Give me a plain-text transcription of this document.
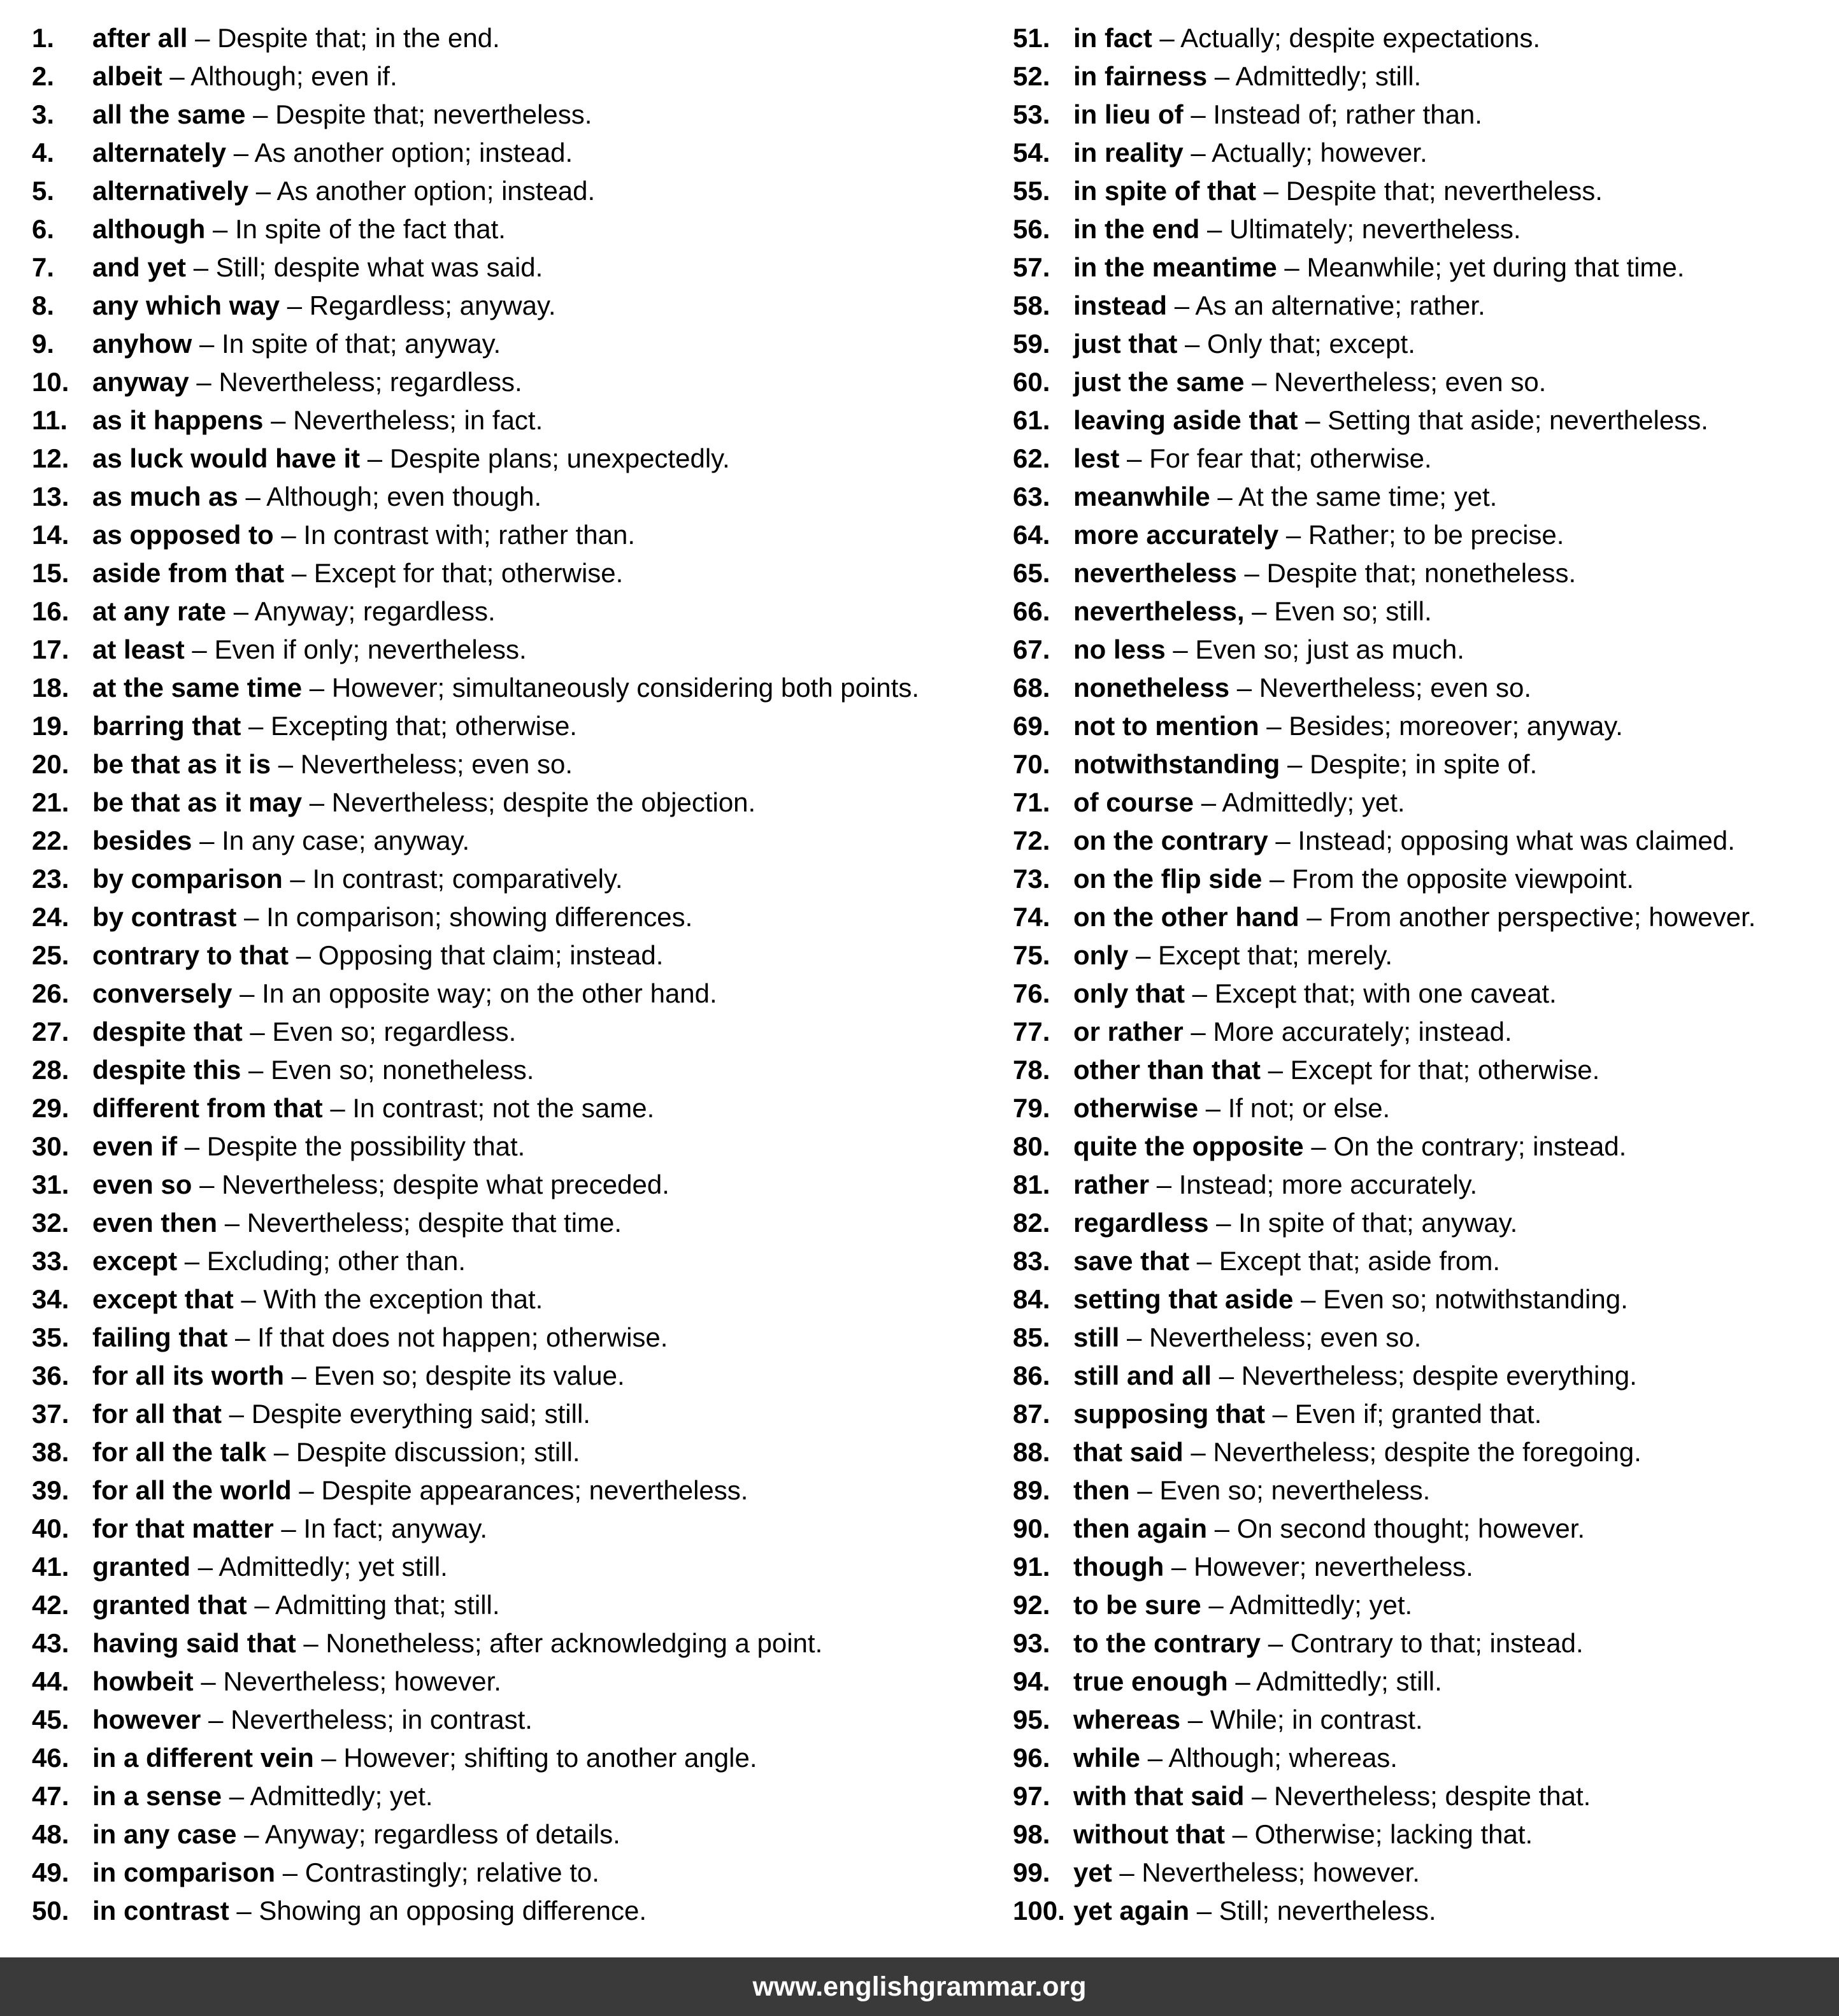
1.	after all – Despite that; in the end.
2.	albeit – Although; even if.
3.	all the same – Despite that; nevertheless.
4.	alternately – As another option; instead.
5.	alternatively – As another option; instead.
6.	although – In spite of the fact that.
7.	and yet – Still; despite what was said.
8.	any which way – Regardless; anyway.
9.	anyhow – In spite of that; anyway.
10. anyway – Nevertheless; regardless.
11. as it happens – Nevertheless; in fact.
12. as luck would have it – Despite plans; unexpectedly.
13. as much as – Although; even though.
14. as opposed to – In contrast with; rather than.
15. aside from that – Except for that; otherwise.
16. at any rate – Anyway; regardless.
17. at least – Even if only; nevertheless.
18. at the same time – However; simultaneously considering both points.
19. barring that – Excepting that; otherwise.
20. be that as it is – Nevertheless; even so.
21. be that as it may – Nevertheless; despite the objection.
22. besides – In any case; anyway.
23. by comparison – In contrast; comparatively.
24. by contrast – In comparison; showing differences.
25. contrary to that – Opposing that claim; instead.
26. conversely – In an opposite way; on the other hand.
27. despite that – Even so; regardless.
28. despite this – Even so; nonetheless.
29. different from that – In contrast; not the same.
30. even if – Despite the possibility that.
31. even so – Nevertheless; despite what preceded.
32. even then – Nevertheless; despite that time.
33. except – Excluding; other than.
34. except that – With the exception that.
35. failing that – If that does not happen; otherwise.
36. for all its worth – Even so; despite its value.
37. for all that – Despite everything said; still.
38. for all the talk – Despite discussion; still.
39. for all the world – Despite appearances; nevertheless.
40. for that matter – In fact; anyway.
41. granted – Admittedly; yet still.
42. granted that – Admitting that; still.
43. having said that – Nonetheless; after acknowledging a point.
44. howbeit – Nevertheless; however.
45. however – Nevertheless; in contrast.
46. in a different vein – However; shifting to another angle.
47. in a sense – Admittedly; yet.
48. in any case – Anyway; regardless of details.
49. in comparison – Contrastingly; relative to.
50. in contrast – Showing an opposing difference.
51. in fact – Actually; despite expectations.
52. in fairness – Admittedly; still.
53. in lieu of – Instead of; rather than.
54. in reality – Actually; however.
55. in spite of that – Despite that; nevertheless.
56. in the end – Ultimately; nevertheless.
57. in the meantime – Meanwhile; yet during that time.
58. instead – As an alternative; rather.
59. just that – Only that; except.
60. just the same – Nevertheless; even so.
61. leaving aside that – Setting that aside; nevertheless.
62. lest – For fear that; otherwise.
63. meanwhile – At the same time; yet.
64. more accurately – Rather; to be precise.
65. nevertheless – Despite that; nonetheless.
66. nevertheless, – Even so; still.
67. no less – Even so; just as much.
68. nonetheless – Nevertheless; even so.
69. not to mention – Besides; moreover; anyway.
70. notwithstanding – Despite; in spite of.
71. of course – Admittedly; yet.
72. on the contrary – Instead; opposing what was claimed.
73. on the flip side – From the opposite viewpoint.
74. on the other hand – From another perspective; however.
75. only – Except that; merely.
76. only that – Except that; with one caveat.
77. or rather – More accurately; instead.
78. other than that – Except for that; otherwise.
79. otherwise – If not; or else.
80. quite the opposite – On the contrary; instead.
81. rather – Instead; more accurately.
82. regardless – In spite of that; anyway.
83. save that – Except that; aside from.
84. setting that aside – Even so; notwithstanding.
85. still – Nevertheless; even so.
86. still and all – Nevertheless; despite everything.
87. supposing that – Even if; granted that.
88. that said – Nevertheless; despite the foregoing.
89. then – Even so; nevertheless.
90. then again – On second thought; however.
91. though – However; nevertheless.
92. to be sure – Admittedly; yet.
93. to the contrary – Contrary to that; instead.
94. true enough – Admittedly; still.
95. whereas – While; in contrast.
96. while – Although; whereas.
97. with that said – Nevertheless; despite that.
98. without that – Otherwise; lacking that.
99. yet – Nevertheless; however.
100. yet again – Still; nevertheless.
www.englishgrammar.org
